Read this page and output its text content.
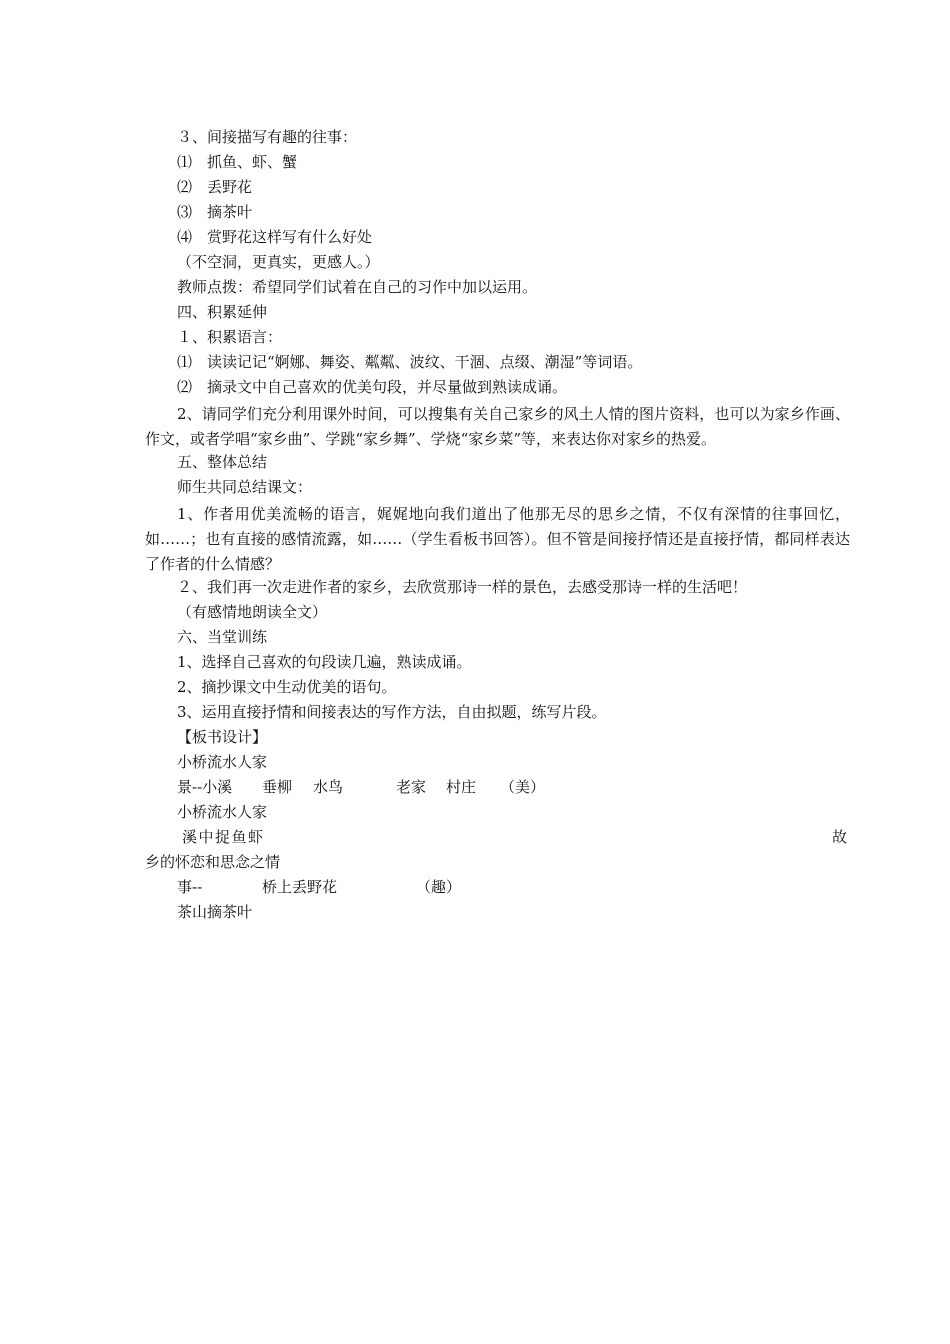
３、间接描写有趣的往事：
⑴　抓鱼、虾、蟹
⑵　丢野花
⑶　摘茶叶
⑷　赏野花这样写有什么好处
（不空洞，更真实，更感人。）
教师点拨：希望同学们试着在自己的习作中加以运用。
四、积累延伸
１、积累语言：
⑴　读读记记“婀娜、舞姿、粼粼、波纹、干涸、点缀、潮湿”等词语。
⑵　摘录文中自己喜欢的优美句段，并尽量做到熟读成诵。
2、请同学们充分利用课外时间，可以搜集有关自己家乡的风土人情的图片资料，也可以为家乡作画、作文，或者学唱“家乡曲”、学跳“家乡舞”、学烧“家乡菜”等，来表达你对家乡的热爱。
五、整体总结
师生共同总结课文：
1、作者用优美流畅的语言，娓娓地向我们道出了他那无尽的思乡之情，不仅有深情的往事回忆，如……；也有直接的感情流露，如……（学生看板书回答）。但不管是间接抒情还是直接抒情，都同样表达了作者的什么情感？
２、我们再一次走进作者的家乡，去欣赏那诗一样的景色，去感受那诗一样的生活吧！
（有感情地朗读全文）
六、当堂训练
1、选择自己喜欢的句段读几遍，熟读成诵。
2、摘抄课文中生动优美的语句。
3、运用直接抒情和间接表达的写作方法，自由拟题，练写片段。
【板书设计】
小桥流水人家
景--小溪 垂柳 水鸟	老家 村庄 （美）
小桥流水人家
溪中捉鱼虾	故
乡的怀恋和思念之情
事--	桥上丢野花	（趣）
茶山摘茶叶
